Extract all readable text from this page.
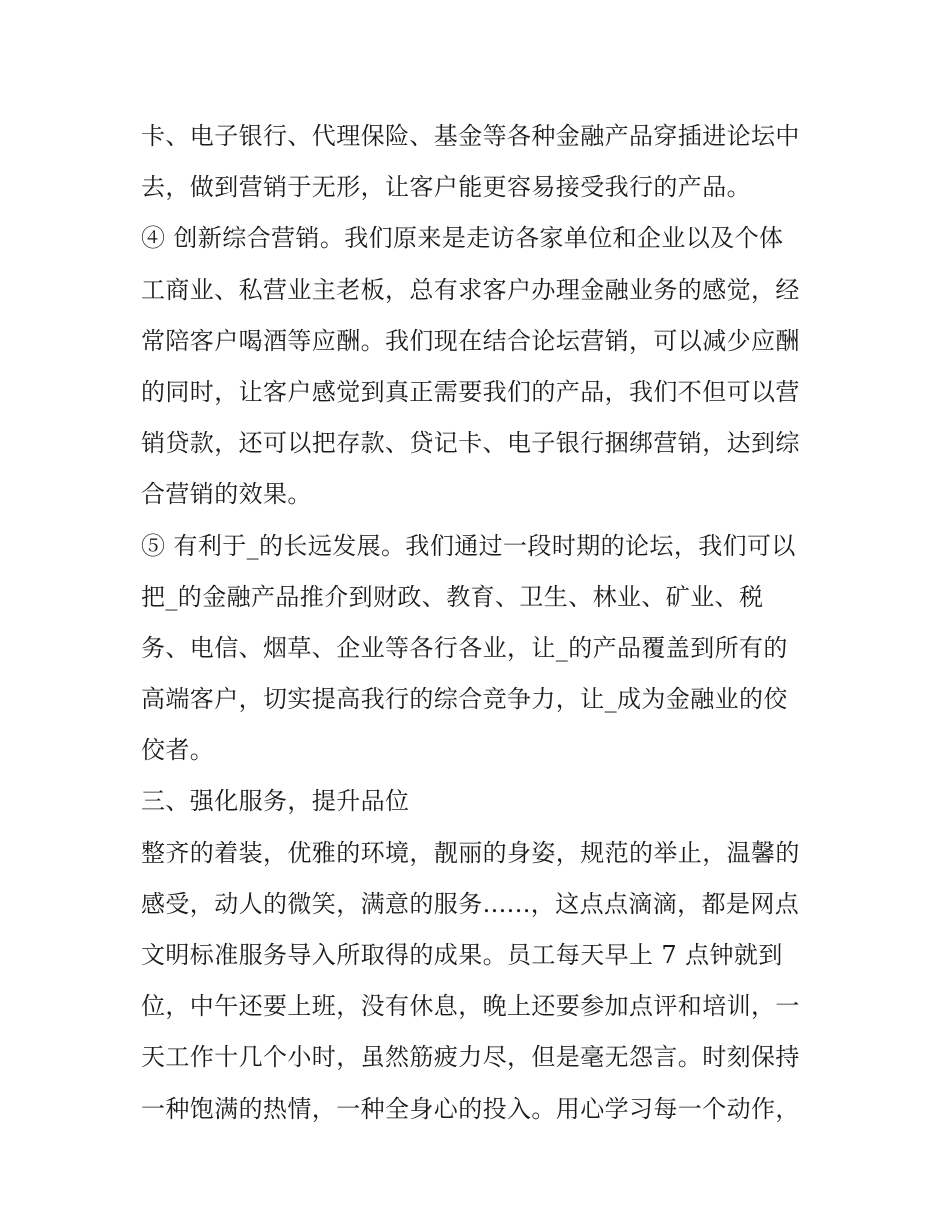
卡、电子银行、代理保险、基金等各种金融产品穿插进论坛中
去，做到营销于无形，让客户能更容易接受我行的产品。
④ 创新综合营销。我们原来是走访各家单位和企业以及个体
工商业、私营业主老板，总有求客户办理金融业务的感觉，经
常陪客户喝酒等应酬。我们现在结合论坛营销，可以减少应酬
的同时，让客户感觉到真正需要我们的产品，我们不但可以营
销贷款，还可以把存款、贷记卡、电子银行捆绑营销，达到综
合营销的效果。
⑤ 有利于_的长远发展。我们通过一段时期的论坛，我们可以
把_的金融产品推介到财政、教育、卫生、林业、矿业、税
务、电信、烟草、企业等各行各业，让_的产品覆盖到所有的
高端客户，切实提高我行的综合竞争力，让_成为金融业的佼
佼者。
三、强化服务，提升品位
整齐的着装，优雅的环境，靓丽的身姿，规范的举止，温馨的
感受，动人的微笑，满意的服务......，这点点滴滴，都是网点
文明标准服务导入所取得的成果。员工每天早上 7 点钟就到
位，中午还要上班，没有休息，晚上还要参加点评和培训，一
天工作十几个小时，虽然筋疲力尽，但是毫无怨言。时刻保持
一种饱满的热情，一种全身心的投入。用心学习每一个动作，
